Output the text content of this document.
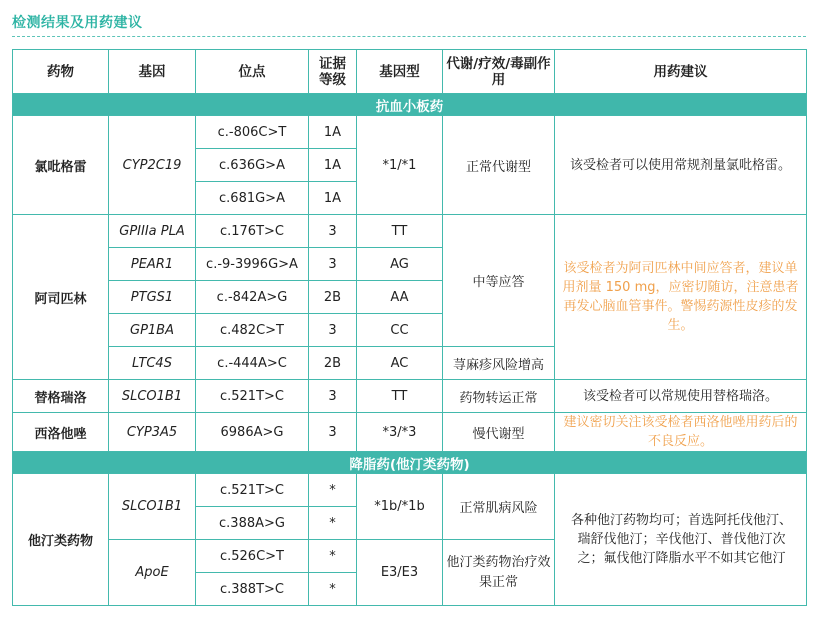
检测结果及用药建议
药物	基因	位点	证据等级	基因型	代谢/疗效/毒副作用	用药建议
抗血小板药						
氯吡格雷	CYP2C19	c.-806C>T	1A	*1/*1	正常代谢型	该受检者可以使用常规剂量氯吡格雷。
		c.636G>A	1A			
		c.681G>A	1A			
阿司匹林	GPIIIa PLA	c.176T>C	3	TT	中等应答	该受检者为阿司匹林中间应答者，建议单用剂量 150 mg，应密切随访，注意患者再发心脑血管事件。警惕药源性皮疹的发生。
	PEAR1	c.-9-3996G>A	3	AG		
	PTGS1	c.-842A>G	2B	AA		
	GP1BA	c.482C>T	3	CC		
	LTC4S	c.-444A>C	2B	AC	荨麻疹风险增高	
替格瑞洛	SLCO1B1	c.521T>C	3	TT	药物转运正常	该受检者可以常规使用替格瑞洛。
西洛他唑	CYP3A5	6986A>G	3	*3/*3	慢代谢型	建议密切关注该受检者西洛他唑用药后的不良反应。
降脂药(他汀类药物)						
他汀类药物	SLCO1B1	c.521T>C	*	*1b/*1b	正常肌病风险	各种他汀药物均可；首选阿托伐他汀、瑞舒伐他汀；辛伐他汀、普伐他汀次之；氟伐他汀降脂水平不如其它他汀
		c.388A>G	*			
	ApoE	c.526C>T	*	E3/E3	他汀类药物治疗效果正常	
		c.388T>C	*			
